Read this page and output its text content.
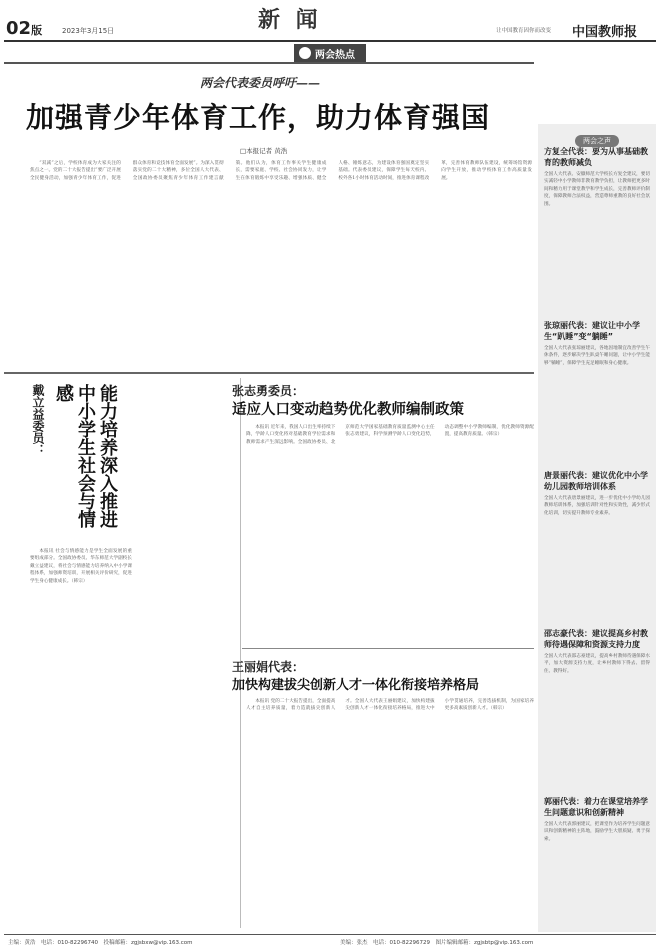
02版	2023年3月15日	新 闻	让中国教育因你而改变 中国教师报
两会热点
两会代表委员呼吁——
加强青少年体育工作，助力体育强国
□本报记者 黄浩

“双减”之后，学校体育成为大家关注的焦点之一。党的二十大报告提出“要广泛开展全民健身活动，加强青少年体育工作，促进群众体育和竞技体育全面发展”。为深入贯彻落实党的二十大精神，多位全国人大代表、全国政协委员聚焦青少年体育工作建言献策。他们认为，体育工作事关学生健康成长，需要家庭、学校、社会协同发力，让学生在体育锻炼中享受乐趣、增强体质、健全人格、锤炼意志，为建设体育强国奠定坚实基础。代表委员建议，保障学生每天校内、校外各1小时体育活动时间，推进体育课程改革，完善体育教师队伍建设，统筹场馆资源向学生开放，推动学校体育工作高质量发展。

能力培养深入推进中小学生社会与情感
戴立益委员：

本报讯 社会与情感能力是学生全面发展的重要组成部分。全国政协委员、华东师范大学副校长戴立益建议，将社会与情感能力培养纳入中小学课程体系，加强师资培训，开展相关评价研究，促进学生身心健康成长。（韩宗）

张志勇委员：
适应人口变动趋势优化教师编制政策

本报讯 近年来，我国人口出生率持续下降，学龄人口变化将对基础教育学位需求和教师需求产生深远影响。全国政协委员、北京师范大学国家基础教育质量监测中心主任张志勇建议，科学预测学龄人口变化趋势，动态调整中小学教师编制，优化教师资源配置，提高教育质量。（韩宗）

王丽娟代表：
加快构建拔尖创新人才一体化衔接培养格局

本报讯 党的二十大报告提出，全面提高人才自主培养质量，着力造就拔尖创新人才。全国人大代表王丽娟建议，加快构建拔尖创新人才一体化衔接培养格局，推进大中小学贯通培养，完善选拔机制，为国家培养更多高素质创新人才。（韩宗）

两会之声
方复全代表：要为从事基础教育的教师减负
全国人大代表、安徽师范大学校长方复全建议，要切实减轻中小学教师非教育教学负担，让教师把更多时间和精力用于课堂教学和学生成长，完善教师评价制度，保障教师合法权益，营造尊师重教的良好社会氛围。
张琼丽代表：建议让中小学生“趴睡”变“躺睡”
全国人大代表张琼丽建议，各地因地制宜改善学生午休条件，逐步解决学生趴桌午睡问题，让中小学生能够“躺睡”，保障学生充足睡眠和身心健康。
唐景丽代表：建议优化中小学幼儿园教师培训体系
全国人大代表唐景丽建议，进一步优化中小学幼儿园教师培训体系，加强培训针对性和实效性，减少形式化培训，切实提升教师专业素养。
邵志豪代表：建议提高乡村教师待遇保障和资源支持力度
全国人大代表邵志豪建议，提高乡村教师待遇保障水平，加大资源支持力度，让乡村教师下得去、留得住、教得好。
郭丽代表：着力在课堂培养学生问题意识和创新精神
全国人大代表郭丽建议，把课堂作为培养学生问题意识和创新精神的主阵地，鼓励学生大胆质疑、勇于探索。
主编：黄浩　电话：010-82296740　投稿邮箱：zgjsbxw@vip.163.com	美编：张杰　电话：010-82296729　图片编辑邮箱：zgjsbtp@vip.163.com
